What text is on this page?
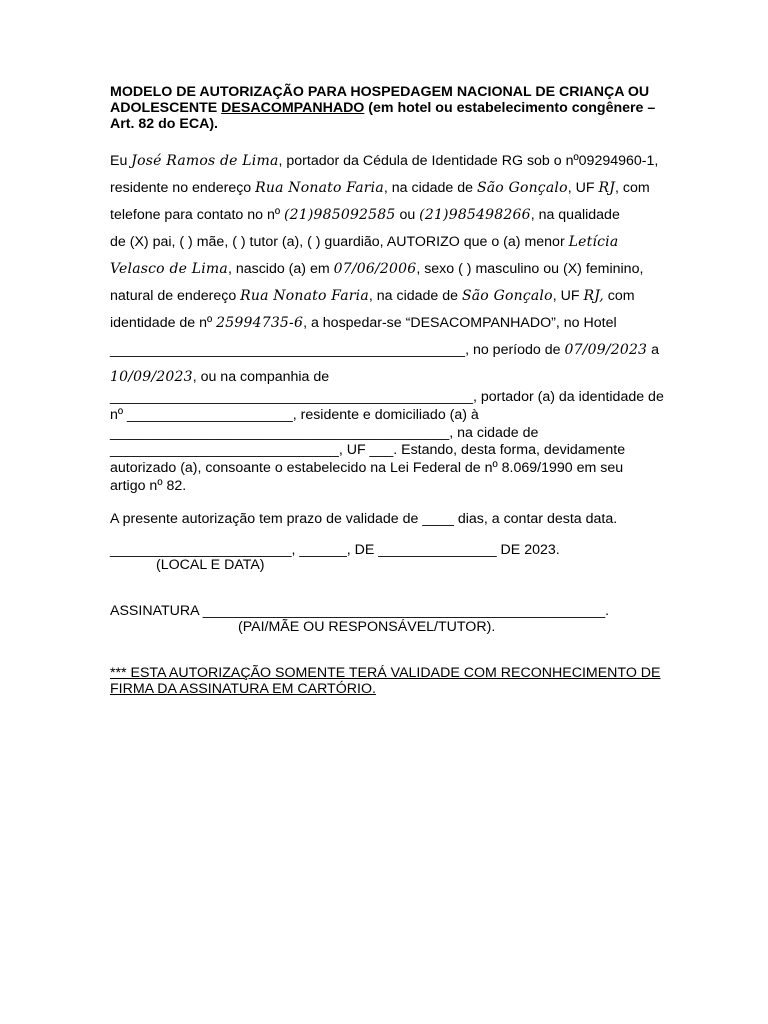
MODELO DE AUTORIZAÇÃO PARA HOSPEDAGEM NACIONAL DE CRIANÇA OU
ADOLESCENTE DESACOMPANHADO (em hotel ou estabelecimento congênere –
Art. 82 do ECA).
Eu José Ramos de Lima, portador da Cédula de Identidade RG sob o nº09294960-1,
residente no endereço Rua Nonato Faria, na cidade de São Gonçalo, UF RJ, com
telefone para contato no nº (21)985092585 ou (21)985498266, na qualidade
de (X) pai, ( ) mãe, ( ) tutor (a), ( ) guardião, AUTORIZO que o (a) menor Letícia
Velasco de Lima, nascido (a) em 07/06/2006, sexo ( ) masculino ou (X) feminino,
natural de endereço Rua Nonato Faria, na cidade de São Gonçalo, UF RJ, com
identidade de nº 25994735-6, a hospedar-se “DESACOMPANHADO”, no Hotel
_____________________________________________, no período de 07/09/2023 a
10/09/2023, ou na companhia de
______________________________________________, portador (a) da identidade de
nº _____________________, residente e domiciliado (a) à
___________________________________________, na cidade de
_____________________________, UF ___. Estando, desta forma, devidamente
autorizado (a), consoante o estabelecido na Lei Federal de nº 8.069/1990 em seu
artigo nº 82.
A presente autorização tem prazo de validade de ____ dias, a contar desta data.
_______________________, ______, DE _______________ DE 2023.
(LOCAL E DATA)
ASSINATURA ___________________________________________________.
(PAI/MÃE OU RESPONSÁVEL/TUTOR).
*** ESTA AUTORIZAÇÃO SOMENTE TERÁ VALIDADE COM RECONHECIMENTO DE
FIRMA DA ASSINATURA EM CARTÓRIO.
